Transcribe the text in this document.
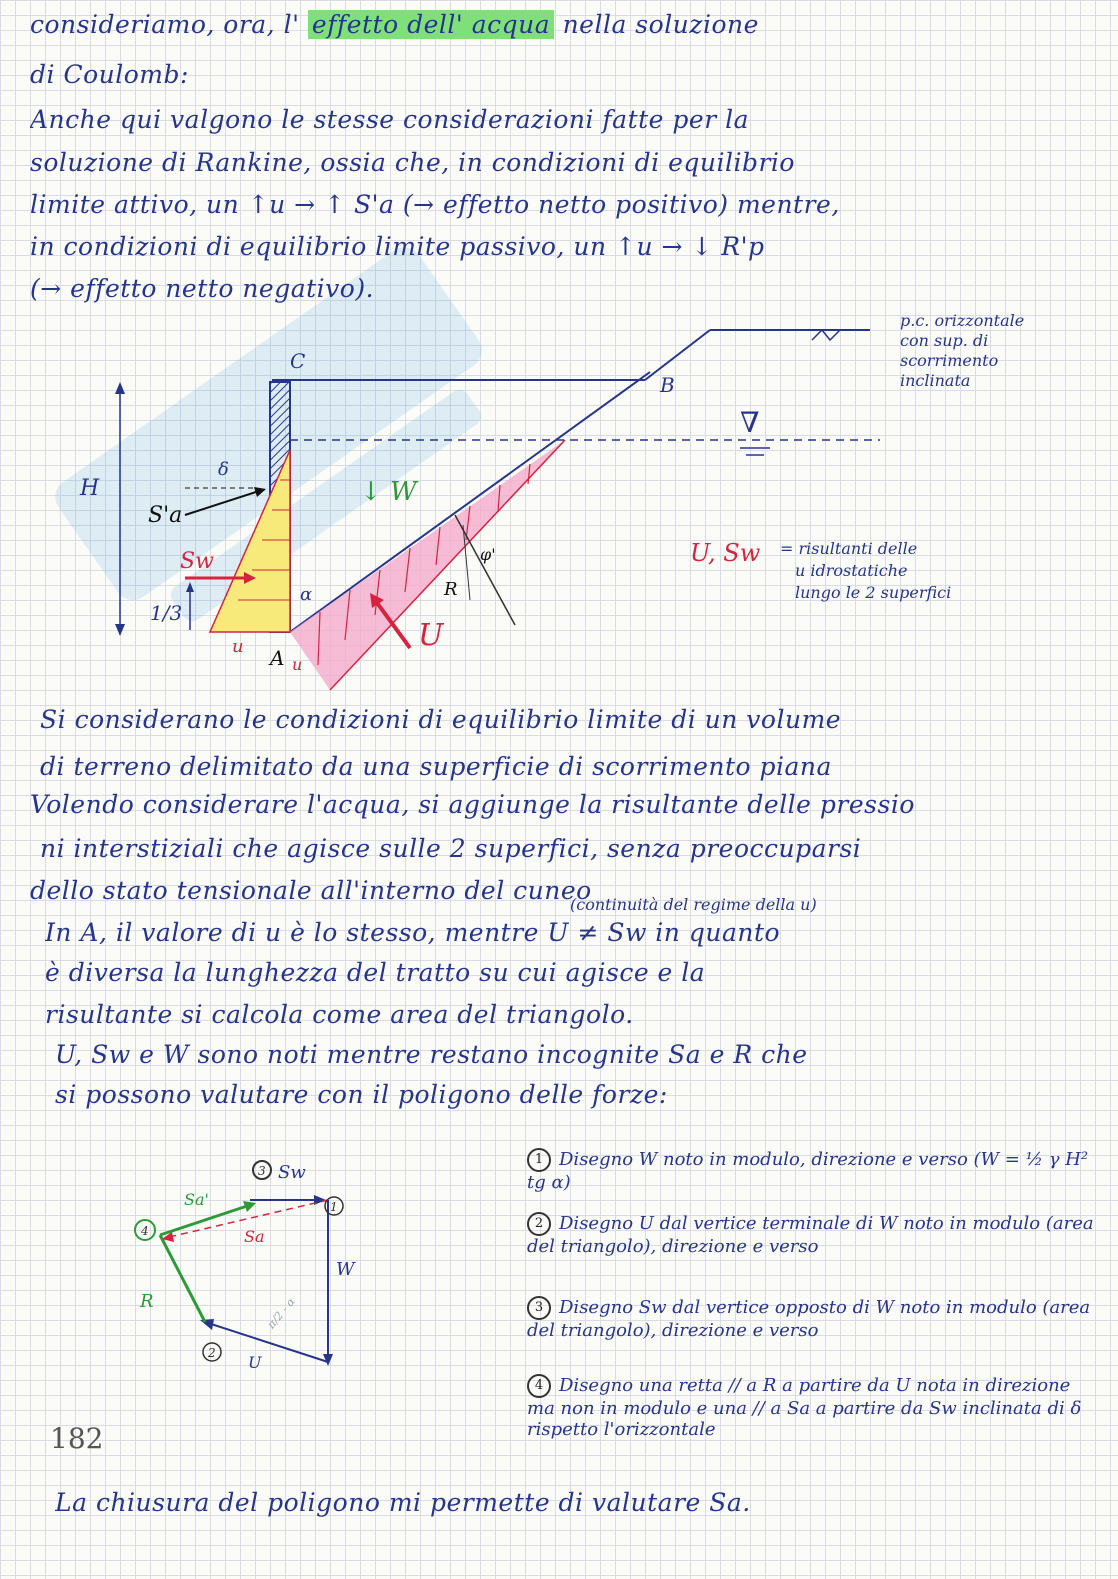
consideriamo, ora, l' effetto dell' acqua nella soluzione
di Coulomb:
Anche qui valgono le stesse considerazioni fatte per la
soluzione di Rankine, ossia che, in condizioni di equilibrio
limite attivo, un ↑u → ↑ S'a (→ effetto netto positivo) mentre,
in condizioni di equilibrio limite passivo, un ↑u → ↓ R'p
(→ effetto netto negativo).
C
B
A
H
δ
S'a
Sw
1/3
u
u
↓ W
α	R
φ'
U
∇
p.c. orizzontale
con sup. di
scorrimento
inclinata
U, Sw = risultanti delle
u idrostatiche
lungo le 2 superfici
Si considerano le condizioni di equilibrio limite di un volume
di terreno delimitato da una superficie di scorrimento piana
Volendo considerare l'acqua, si aggiunge la risultante delle pressio
ni interstiziali che agisce sulle 2 superfici, senza preoccuparsi
dello stato tensionale all'interno del cuneo
(continuità del regime della u)
In A, il valore di u è lo stesso, mentre U ≠ Sw in quanto
è diversa la lunghezza del tratto su cui agisce e la
risultante si calcola come area del triangolo.
U, Sw e W sono noti mentre restano incognite Sa e R che
si possono valutare con il poligono delle forze:
1
2
3
4
Sw
Sa'
Sa
W
R
U
π/2 - α
1 Disegno W noto in modulo, direzione e verso (W = ½ γ H² tg α)
2 Disegno U dal vertice terminale di W noto in modulo (area del triangolo), direzione e verso
3 Disegno Sw dal vertice opposto di W noto in modulo (area del triangolo), direzione e verso
4 Disegno una retta // a R a partire da U nota in direzione ma non in modulo e una // a Sa a partire da Sw inclinata di δ rispetto l'orizzontale
182
La chiusura del poligono mi permette di valutare Sa.
